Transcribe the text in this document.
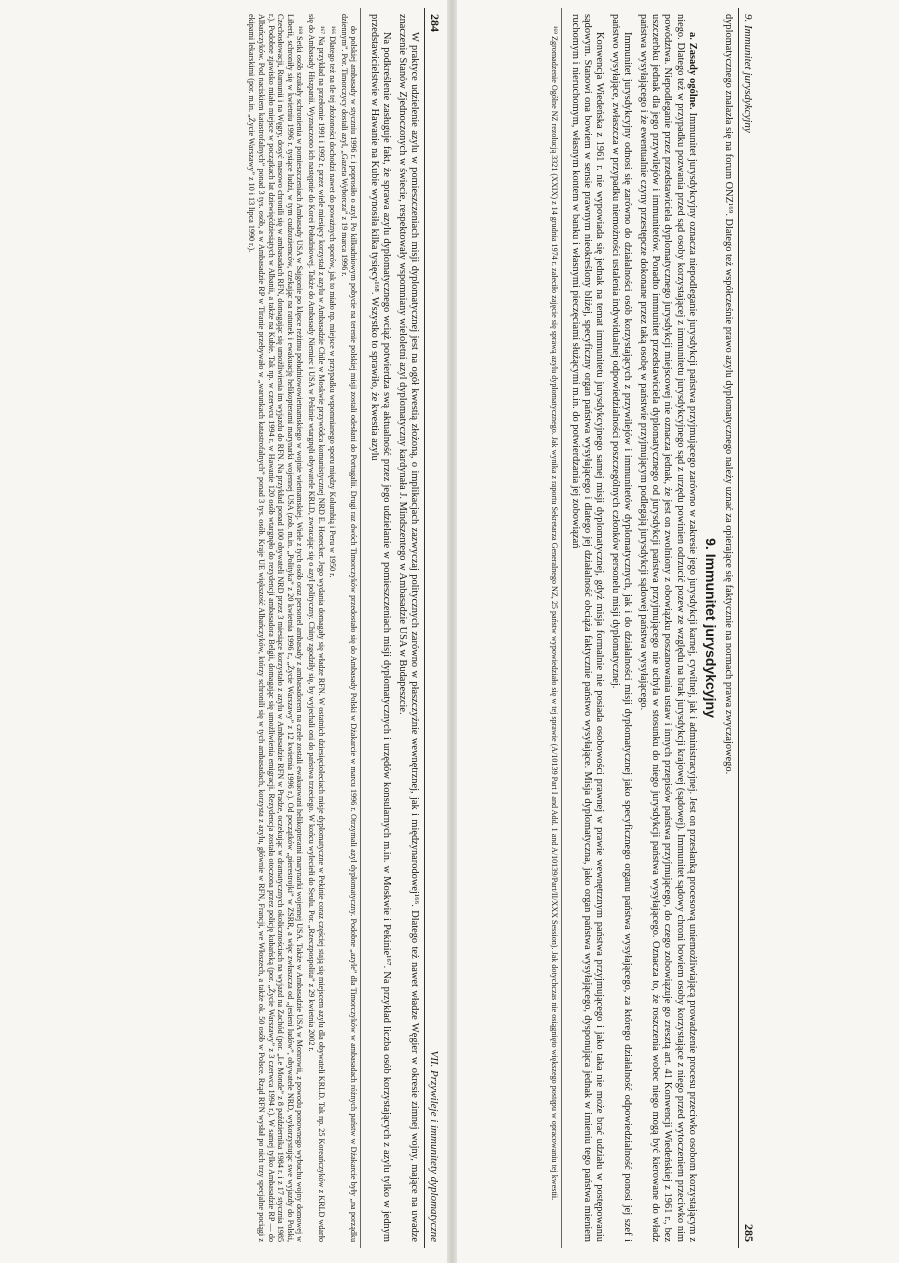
284
VII. Przywileje i immunitety dyplomatyczne

W praktyce udzielenie azylu w pomieszczeniach misji dyplomatycznej jest na ogół kwestią złożoną, o implikacjach zazwyczaj politycznych zarówno w płaszczyźnie wewnętrznej, jak i międzynarodowej¹⁶⁶. Dlatego też nawet władze Węgier w okresie zimnej wojny, mające na uwadze znaczenie Stanów Zjednoczonych w świecie, respektowały wspomniany wieloletni azyl dyplomatyczny kardynała J. Mindszentego w Ambasadzie USA w Budapeszcie.

Na podkreślenie zasługuje fakt, że sprawa azylu dyplomatycznego wciąż potwierdza swą aktualność przez jego udzielanie w pomieszczeniach misji dyplomatycznych i urzędów konsularnych m.in. w Moskwie i Pekinie¹⁶⁷. Na przykład liczba osób korzystających z azylu tylko w jednym przedstawicielstwie w Hawanie na Kubie wynosiła kilka tysięcy¹⁶⁸. Wszystko to sprawiło, że kwestia azylu

do polskiej ambasady w styczniu 1996 r. i poprosiło o azyl. Po kilkudniowym pobycie na terenie polskiej misji zostali odesłani do Portugalii. Drugi raz dwóch Timorczyków przedostało się do Ambasady Polski w Dżakarcie w marcu 1996 r. Otrzymali azyl dyplomatyczny. Podobne „azyle” dla Timorczyków w ambasadach różnych państw w Dżakarcie były „na porządku dziennym”. Por. Timorczycy dostali azyl, „Gazeta Wyborcza” z 19 marca 1996 r.

¹⁶⁶ Dlatego też na tle tej złożoności dochodzi nawet do poważnych sporów, jak to miało np. miejsce w przypadku wspomnianego sporu między Kolumbią i Peru w 1950 r.

¹⁶⁷ Na przykład na przełomie 1991 i 1992 r. przez wiele miesięcy korzystał z azylu w Ambasadzie Chile w Moskwie przywódca komunistycznej NRD E. Honecker. Jego wydania domagały się władze RFN. W ostatnich dziesięcioleciach misje dyplomatyczne w Pekinie coraz częściej stają się miejscem azylu dla obywateli KRLD. Tak np. 25 Koreańczyków z KRLD wdarło się do Ambasady Hiszpanii. Wyznaczono ich następnie do Korei Południowej. Także do Ambasady Niemiec i USA w Pekinie wtargnęli obywatele KRLD, zwracając się o azyl polityczny. Chiny zgodziły się, by wyjechali oni do państwa trzeciego. W końcu wyleciełi do Seulu. Por. „Rzeczpospolita” z 29 kwietnia 2002 r.

¹⁶⁸ Setki osób szukały schronienia w pomieszczeniach Ambasady USA w Sajgonie po klęsce reżimu południowowietnamskiego w wojnie wietnamskiej. Wiele z tych osób oraz personel ambasady z ambasadorem na czele zostali ewakuowani helikopterami marynarki wojennej USA. Także w Ambasadzie USA w Monrowii, z powodu ponownego wybuchu wojny domowej w Liberii, schroniły się w kwietniu 1996 r. tysiące ludzi, w tym cudzoziemców, czekając na ratunek i ewakuację helikopterami marynarki wojennej USA (zob. m.in. „Polityka” z 20 kwietnia 1996 r., „Życie Warszawy” z 12 kwietnia 1996 r.). Od początków „pierestrojki” w ZSRR, a więc zwłaszcza od „jesieni ludów”, obywatele NRD, wykorzystując swe wyjazdy do Polski, Czechosłowacji, Rumunii i na Węgry, dosyć masowo chronili się w ambasadach RFN, domagając się umożliwienia im wyjazdu do RFN. Na przykład ponad 100 obywateli NRD przez 3 miesiące korzystało z azylu w Ambasadzie RFN w Pradze, oczekując w dramatycznych okolicznościach na wyjazd na Zachód (por. „Le Monde” z 8 października 1984 r. i z 17 stycznia 1985 r.). Podobne zjawisko miało miejsce w początkach lat dziewięćdziesiątych w Albanii, a także na Kubie. Tak np. w czerwcu 1994 r. w Hawanie 120 osób wtargnęło do rezydencji ambasadora Belgii, domagając się umożliwienia emigracji. Rezydencja została otoczona przez policję kubańską (por. „Życie Warszawy” z 3 czerwca 1994 r.). W samej tylko Ambasadzie RP — do Albańczyków. Pod naciskiem katastrofalnych” ponad 3 tys. osób, a w Ambasadzie RP w Tiranie przebywało w „warunkach katastrofalnych” ponad 3 tys. osób. Kraje UE większość Albańczyków, którzy schronili się w tych ambasadach, korzysta z azylu, głównie w RFN, Francji, we Włoszech, a także ok. 50 osób w Polsce. Rząd RFN wysłał po nich trzy specjalne pociągi z ekipami lekarskimi (por. m.in. „Życie Warszawy” z 10 i 13 lipca 1990 r.).	9. Immunitet jurysdykcyjny
285

dyplomatycznego znalazła się na forum ONZ¹⁶⁹. Dlatego też współcześnie prawo azylu dyplomatycznego należy uznać za opierające się faktycznie na normach prawa zwyczajowego.

9. Immunitet jurysdykcyjny

a. Zasady ogólne. Immunitet jurysdykcyjny oznacza niepodleganie jurysdykcji państwa przyjmującego zarówno w zakresie jego jurysdykcji karnej, cywilnej, jak i administracyjnej. Jest on przesłanką procesową uniemożliwiającą prowadzenie procesu przeciwko osobom korzystającym z niego. Dlatego też w przypadku pozwania przed sąd osoby korzystającej z immunitetu jurysdykcyjnego sąd z urzędu powinien odrzucić pozew ze względu na brak jurysdykcji krajowej (sądowej). Immunitet sądowy chroni bowiem osoby korzystające z niego przed wytoczeniem przeciwko nim powództwa. Niepodleganie przez przedstawiciela dyplomatycznego jurysdykcji miejscowej nie oznacza jednak, że jest on zwolniony z obowiązku poszanowania ustaw i innych przepisów państwa przyjmującego, do czego zobowiązuje go zresztą art. 41 Konwencji Wiedeńskiej z 1961 r., bez uszczerbku jednak dla jego przywilejów i immunitetów. Ponadto immunitet przedstawiciela dyplomatycznego od jurysdykcji państwa przyjmującego nie uchyla w stosunku do niego jurysdykcji państwa wysyłającego. Oznacza to, że roszczenia wobec niego mogą być kierowane do władz państwa wysyłającego i że ewentualnie czyny przestępcze dokonane przez taką osobę w państwie przyjmującym podlegają jurysdykcji sądowej państwa wysyłającego.

Immunitet jurysdykcyjny odnosi się zarówno do działalności osób korzystających z przywilejów i immunitetów dyplomatycznych, jak i do działalności misji dyplomatycznej jako specyficznego organu państwa wysyłającego, za którego działalność odpowiedzialność ponosi jej szef i państwo wysyłające, zwłaszcza w przypadku niemożności ustalenia indywidualnej odpowiedzialności poszczególnych członków personelu misji dyplomatycznej.

Konwencja Wiedeńska z 1961 r. nie wypowiada się jednak na temat immunitetu jurysdykcyjnego samej misji dyplomatycznej, gdyż misja formalnie nie posiada osobowości prawnej w prawie wewnętrznym państwa przyjmującego i jako taka nie może brać udziału w postępowaniu sądowym. Stanowi ona bowiem w sensie prawnym nieokreślony bliżej, specyficzny organ państwa wysyłającego i dlatego jej działalność obciąża faktycznie państwo wysyłające. Misja dyplomatyczna, jako organ państwa wysyłającego, dysponująca jednak w imieniu tego państwa mieniem ruchomym i nieruchomym, własnym kontem w banku i własnymi pieczęciami służącymi m.in. do potwierdzania jej zobowiązań

¹⁶⁹ Zgromadzenie Ogólne NZ rezolucją 3321 (XXIX) z 14 grudnia 1974 r. zaleciło zajęcie się sprawą azylu dyplomatycznego. Jak wynika z raportu Sekretarza Generalnego NZ, 25 państw wypowiedziało się w tej sprawie (A/10139 Part I and Add. 1 and A/10139/Part/II/XXX Session). Jak dotychczas nie osiągnięto większego postępu w opracowaniu tej kwestii.
